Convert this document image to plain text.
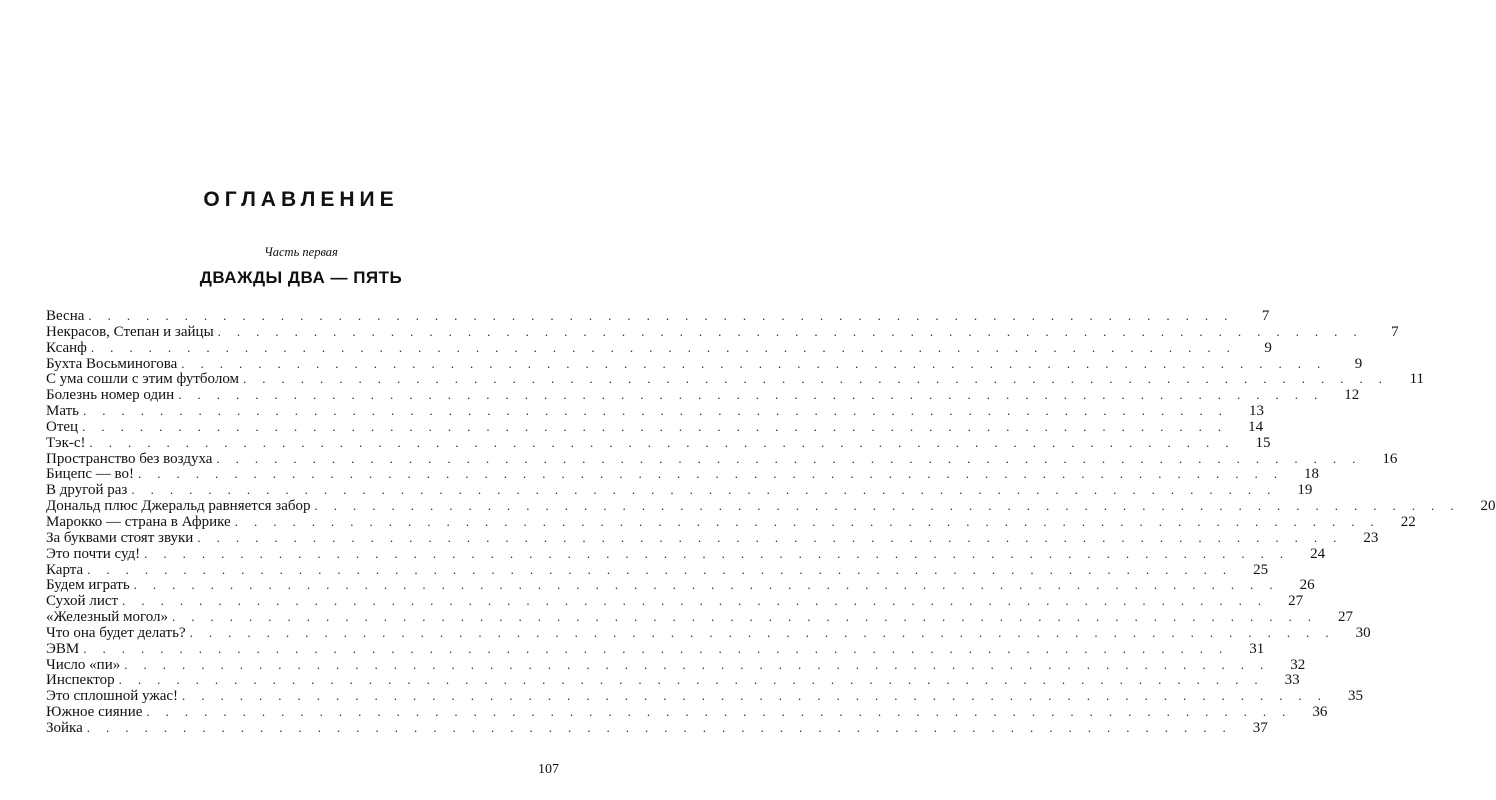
ОГЛАВЛЕНИЕ

Часть первая

ДВАЖДЫ ДВА — ПЯТЬ
Весна ............................................................	7
Некрасов, Степан и зайцы ............................................................	7
Ксанф ............................................................	9
Бухта Восьминогова ............................................................	9
С ума сошли с этим футболом ............................................................ 11
Болезнь номер один ............................................................ 12
Мать ............................................................ 13
Отец ............................................................ 14
Тэк-с! ............................................................ 15
Пространство без воздуха ............................................................ 16
Бицепс — во! ............................................................ 18
В другой раз ............................................................ 19
Дональд плюс Джеральд равняется забор ............................................................ 20
Марокко — страна в Африке ............................................................ 22
За буквами стоят звуки ............................................................ 23
Это почти суд! ............................................................ 24
Карта ............................................................ 25
Будем играть ............................................................ 26
Сухой лист ............................................................ 27
«Железный могол» ............................................................ 27
Что она будет делать? ............................................................ 30
ЭВМ ............................................................ 31
Число «пи» ............................................................ 32
Инспектор ............................................................ 33
Это сплошной ужас! ............................................................ 35
Южное сияние ............................................................ 36
Зойка ............................................................ 37

107
